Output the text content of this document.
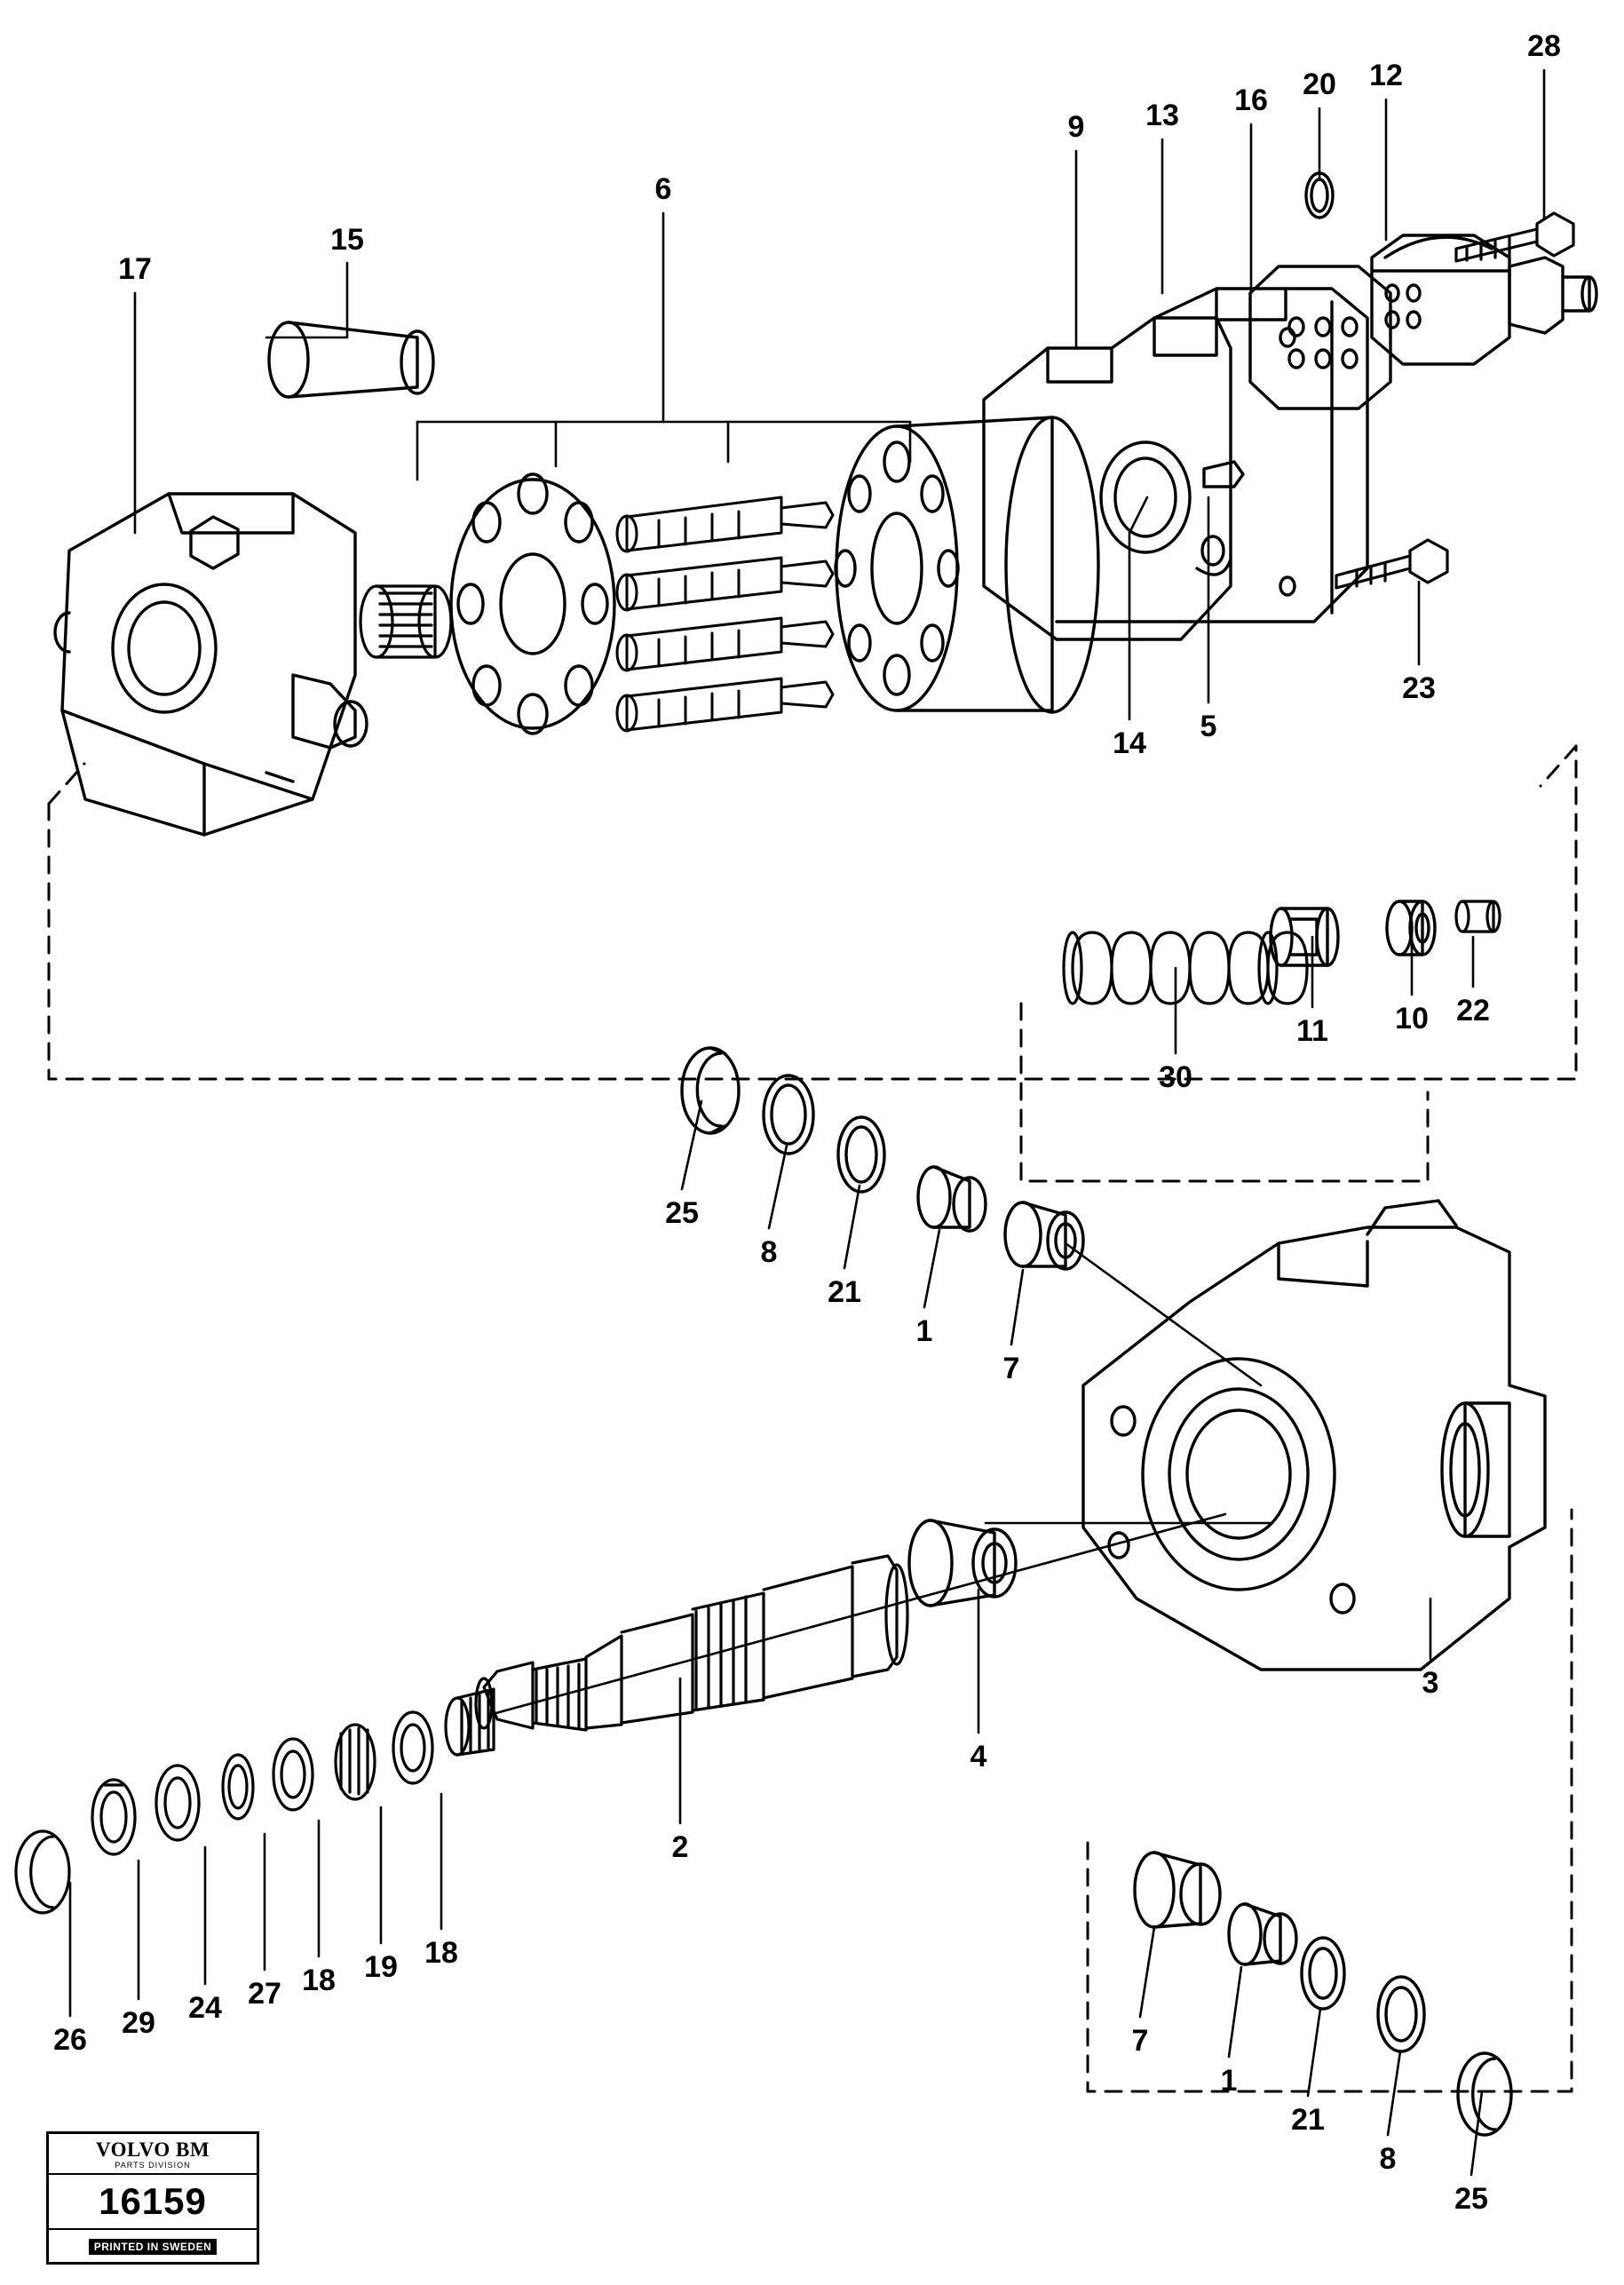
17
15
6
9 13 16 20 12
28
14 5
23
30
11 10 22
25
8
21
1
7
3
4
2
26 29 24 27 18 19 18
7
1
21
8
25
VOLVO BM
PARTS DIVISION
16159
PRINTED IN SWEDEN
